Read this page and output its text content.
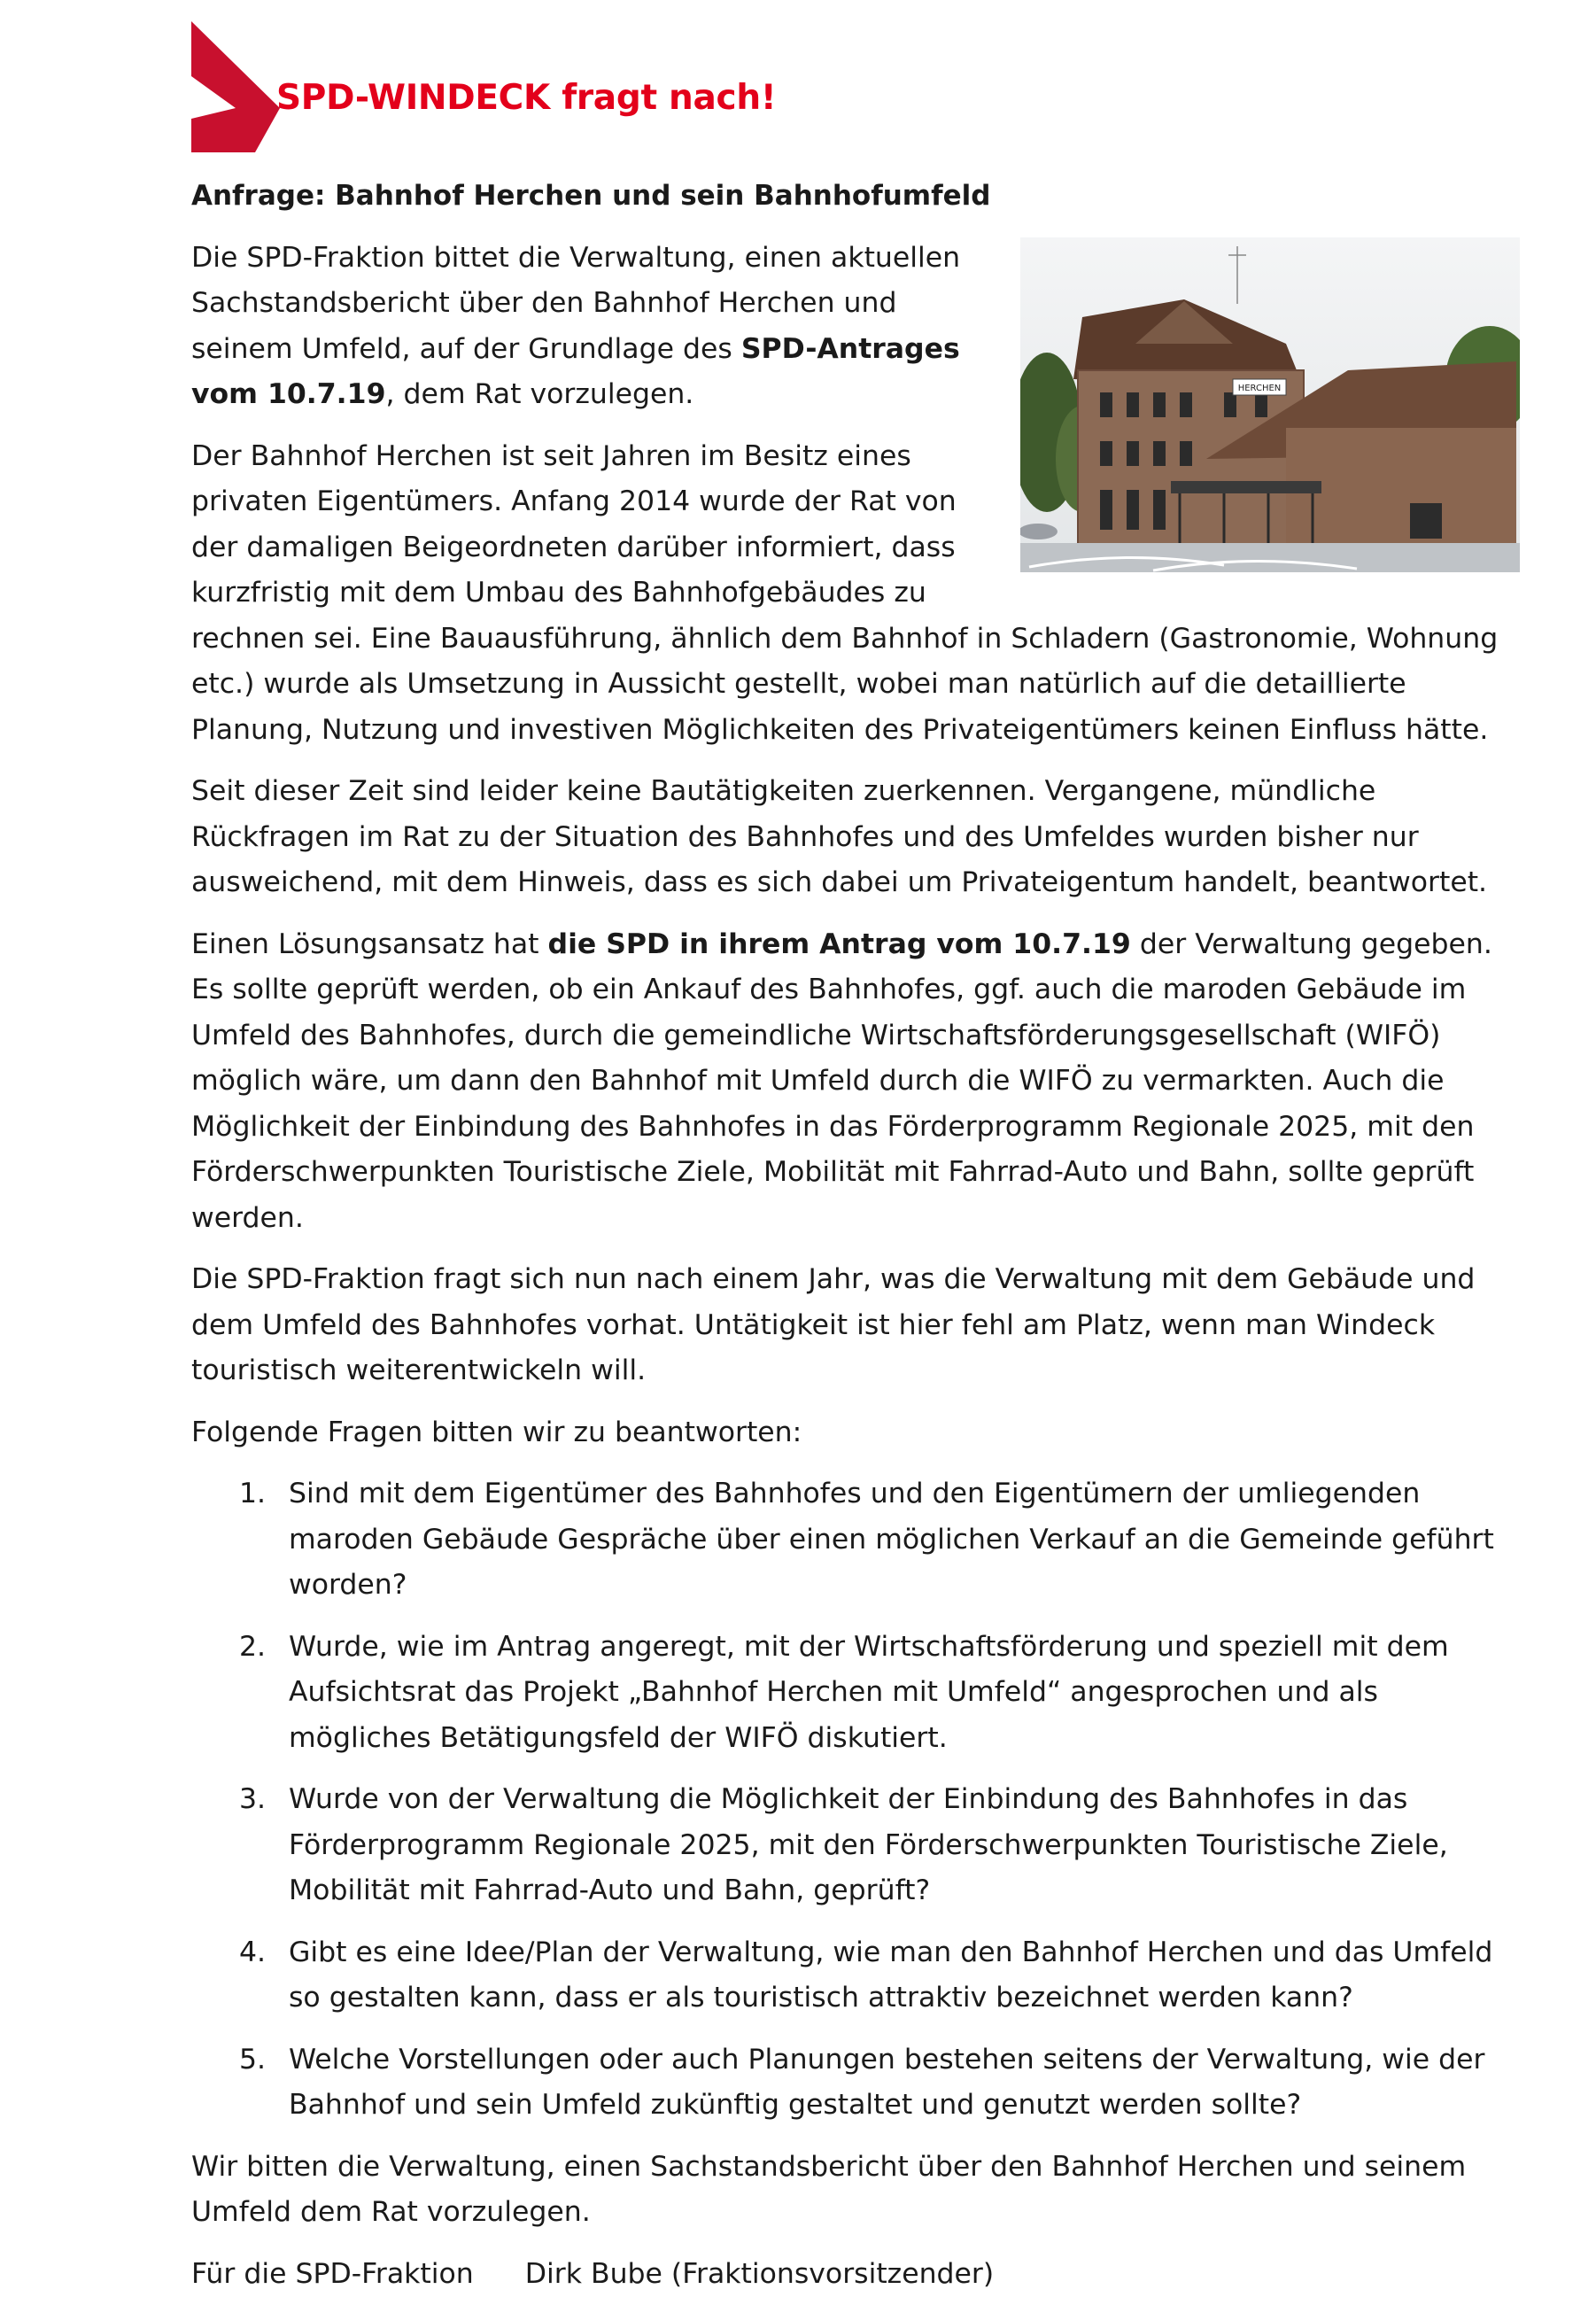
SPD-WINDECK fragt nach!

Anfrage: Bahnhof Herchen und sein Bahnhofumfeld

HERCHEN

Die SPD-Fraktion bittet die Verwaltung, einen aktuellen Sachstandsbericht über den Bahnhof Herchen und seinem Umfeld, auf der Grundlage des SPD-Antrages vom 10.7.19, dem Rat vorzulegen.

Der Bahnhof Herchen ist seit Jahren im Besitz eines privaten Eigentümers. Anfang 2014 wurde der Rat von der damaligen Beigeordneten darüber informiert, dass kurzfristig mit dem Umbau des Bahnhofgebäudes zu rechnen sei. Eine Bauausführung, ähnlich dem Bahnhof in Schladern (Gastronomie, Wohnung etc.) wurde als Umsetzung in Aussicht gestellt, wobei man natürlich auf die detaillierte Planung, Nutzung und investiven Möglichkeiten des Privateigentümers keinen Einfluss hätte.

Seit dieser Zeit sind leider keine Bautätigkeiten zuerkennen. Vergangene, mündliche Rückfragen im Rat zu der Situation des Bahnhofes und des Umfeldes wurden bisher nur ausweichend, mit dem Hinweis, dass es sich dabei um Privateigentum handelt, beantwortet.

Einen Lösungsansatz hat die SPD in ihrem Antrag vom 10.7.19 der Verwaltung gegeben. Es sollte geprüft werden, ob ein Ankauf des Bahnhofes, ggf. auch die maroden Gebäude im Umfeld des Bahnhofes, durch die gemeindliche Wirtschaftsförderungsgesellschaft (WIFÖ) möglich wäre, um dann den Bahnhof mit Umfeld durch die WIFÖ zu vermarkten. Auch die Möglichkeit der Einbindung des Bahnhofes in das Förderprogramm Regionale 2025, mit den Förderschwerpunkten Touristische Ziele, Mobilität mit Fahrrad-Auto und Bahn, sollte geprüft werden.

Die SPD-Fraktion fragt sich nun nach einem Jahr, was die Verwaltung mit dem Gebäude und dem Umfeld des Bahnhofes vorhat. Untätigkeit ist hier fehl am Platz, wenn man Windeck touristisch weiterentwickeln will.

Folgende Fragen bitten wir zu beantworten:

1. Sind mit dem Eigentümer des Bahnhofes und den Eigentümern der umliegenden maroden Gebäude Gespräche über einen möglichen Verkauf an die Gemeinde geführt worden?
2. Wurde, wie im Antrag angeregt, mit der Wirtschaftsförderung und speziell mit dem Aufsichtsrat das Projekt „Bahnhof Herchen mit Umfeld“ angesprochen und als mögliches Betätigungsfeld der WIFÖ diskutiert.
3. Wurde von der Verwaltung die Möglichkeit der Einbindung des Bahnhofes in das Förderprogramm Regionale 2025, mit den Förderschwerpunkten Touristische Ziele, Mobilität mit Fahrrad-Auto und Bahn, geprüft?
4. Gibt es eine Idee/Plan der Verwaltung, wie man den Bahnhof Herchen und das Umfeld so gestalten kann, dass er als touristisch attraktiv bezeichnet werden kann?
5. Welche Vorstellungen oder auch Planungen bestehen seitens der Verwaltung, wie der Bahnhof und sein Umfeld zukünftig gestaltet und genutzt werden sollte?

Wir bitten die Verwaltung, einen Sachstandsbericht über den Bahnhof Herchen und seinem Umfeld dem Rat vorzulegen.

Für die SPD-Fraktion Dirk Bube (Fraktionsvorsitzender)
